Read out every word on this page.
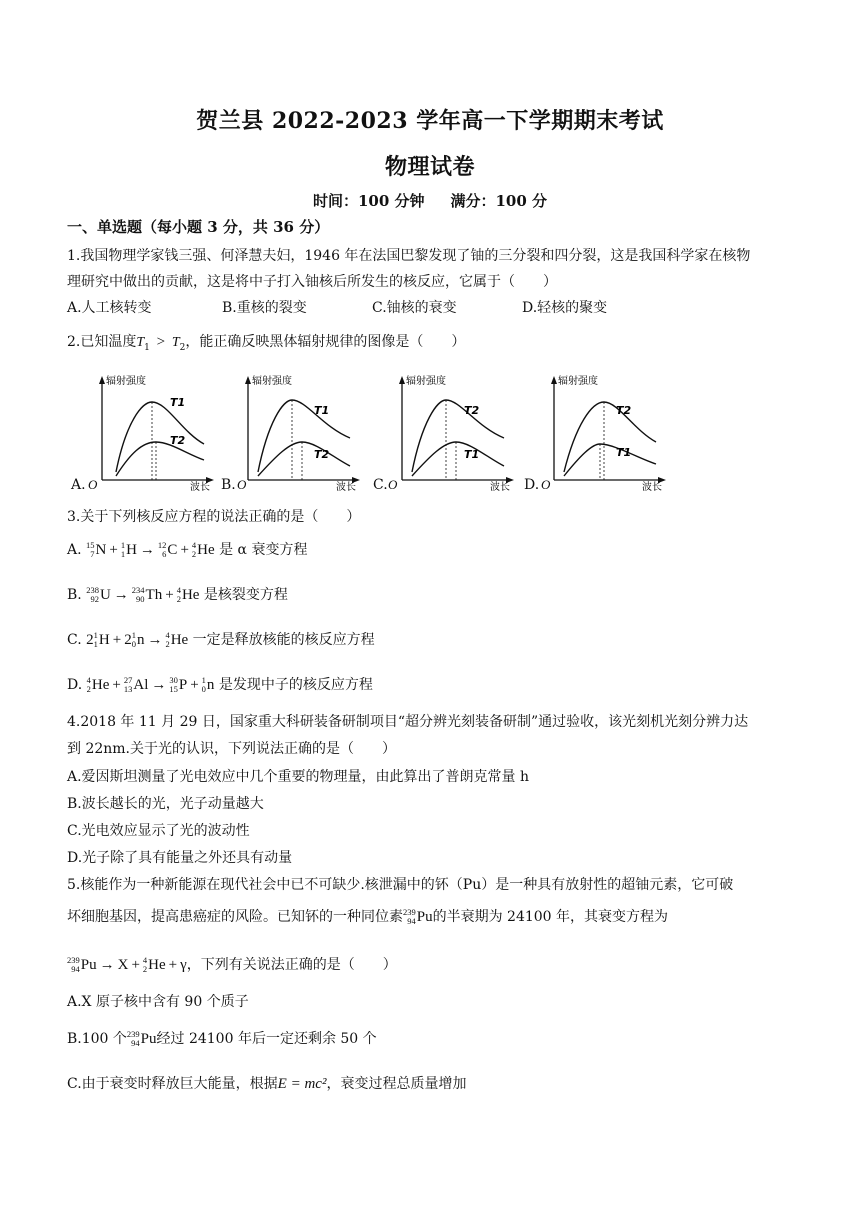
贺兰县 2022-2023 学年高一下学期期末考试
物理试卷
时间：100 分钟 满分：100 分
一、单选题（每小题 3 分，共 36 分）
1.我国物理学家钱三强、何泽慧夫妇，1946 年在法国巴黎发现了铀的三分裂和四分裂，这是我国科学家在核物
理研究中做出的贡献，这是将中子打入铀核后所发生的核反应，它属于（　　）
A.人工核转变	B.重核的裂变	C.铀核的衰变	D.轻核的聚变
2.已知温度$T_1 > T_2$，能正确反映黑体辐射规律的图像是（　　）
辐射强度
波长
T1
T2
A. O
辐射强度
波长
T1
T2
B. O
辐射强度
波长
T2
T1
C. O
辐射强度
波长
T2
T1
D. O
3.关于下列核反应方程的说法正确的是（　　）
A. 15
7 N + 1
1 H → 12
6 C + 4
2 He 是 α 衰变方程
B. 238
92 U → 234
90 Th + 4
2 He 是核裂变方程
C. 2 1
1 H + 2 1
0 n → 4
2 He 一定是释放核能的核反应方程
D. 4
2 He + 27
13 Al → 30
15 P + 1
0 n 是发现中子的核反应方程
4.2018 年 11 月 29 日，国家重大科研装备研制项目“超分辨光刻装备研制”通过验收，该光刻机光刻分辨力达
到 22nm.关于光的认识，下列说法正确的是（　　）
A.爱因斯坦测量了光电效应中几个重要的物理量，由此算出了普朗克常量 h
B.波长越长的光，光子动量越大
C.光电效应显示了光的波动性
D.光子除了具有能量之外还具有动量
5.核能作为一种新能源在现代社会中已不可缺少.核泄漏中的钚（Pu）是一种具有放射性的超铀元素，它可破
坏细胞基因，提高患癌症的风险。已知钚的一种同位素 239
94 Pu的半衰期为 24100 年，其衰变方程为
239
94 Pu → X + 4
2 He + γ，下列有关说法正确的是（　　）
A.X 原子核中含有 90 个质子
B.100 个 239
94 Pu经过 24100 年后一定还剩余 50 个
C.由于衰变时释放巨大能量，根据E = mc²，衰变过程总质量增加
